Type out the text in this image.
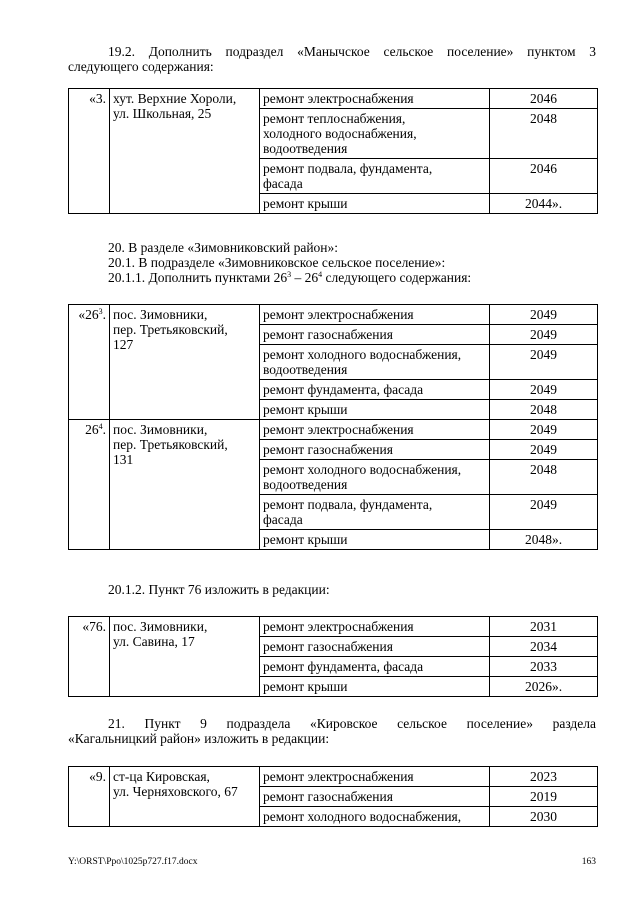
19.2. Дополнить подраздел «Манычское сельское поселение» пунктом 3
следующего содержания:
«3.	хут. Верхние Хороли,
ул. Школьная, 25	ремонт электроснабжения	2046
		ремонт теплоснабжения,
холодного водоснабжения,
водоотведения	2048
		ремонт подвала, фундамента,
фасада	2046
		ремонт крыши	2044».
20. В разделе «Зимовниковский район»:
20.1. В подразделе «Зимовниковское сельское поселение»:
20.1.1. Дополнить пунктами $26^3 - 26^4$ следующего содержания:
«$26^3$.	пос. Зимовники,
пер. Третьяковский,
127	ремонт электроснабжения	2049
		ремонт газоснабжения	2049
		ремонт холодного водоснабжения,
водоотведения	2049
		ремонт фундамента, фасада	2049
		ремонт крыши	2048
$26^4$.	пос. Зимовники,
пер. Третьяковский,
131	ремонт электроснабжения	2049
		ремонт газоснабжения	2049
		ремонт холодного водоснабжения,
водоотведения	2048
		ремонт подвала, фундамента,
фасада	2049
		ремонт крыши	2048».
20.1.2. Пункт 76 изложить в редакции:
«76.	пос. Зимовники,
ул. Савина, 17	ремонт электроснабжения	2031
		ремонт газоснабжения	2034
		ремонт фундамента, фасада	2033
		ремонт крыши	2026».
21. Пункт 9 подраздела «Кировское сельское поселение» раздела
«Кагальницкий район» изложить в редакции:
«9.	ст-ца Кировская,
ул. Черняховского, 67	ремонт электроснабжения	2023
		ремонт газоснабжения	2019
		ремонт холодного водоснабжения,	2030
Y:\ORST\Ppo\1025p727.f17.docx	163
